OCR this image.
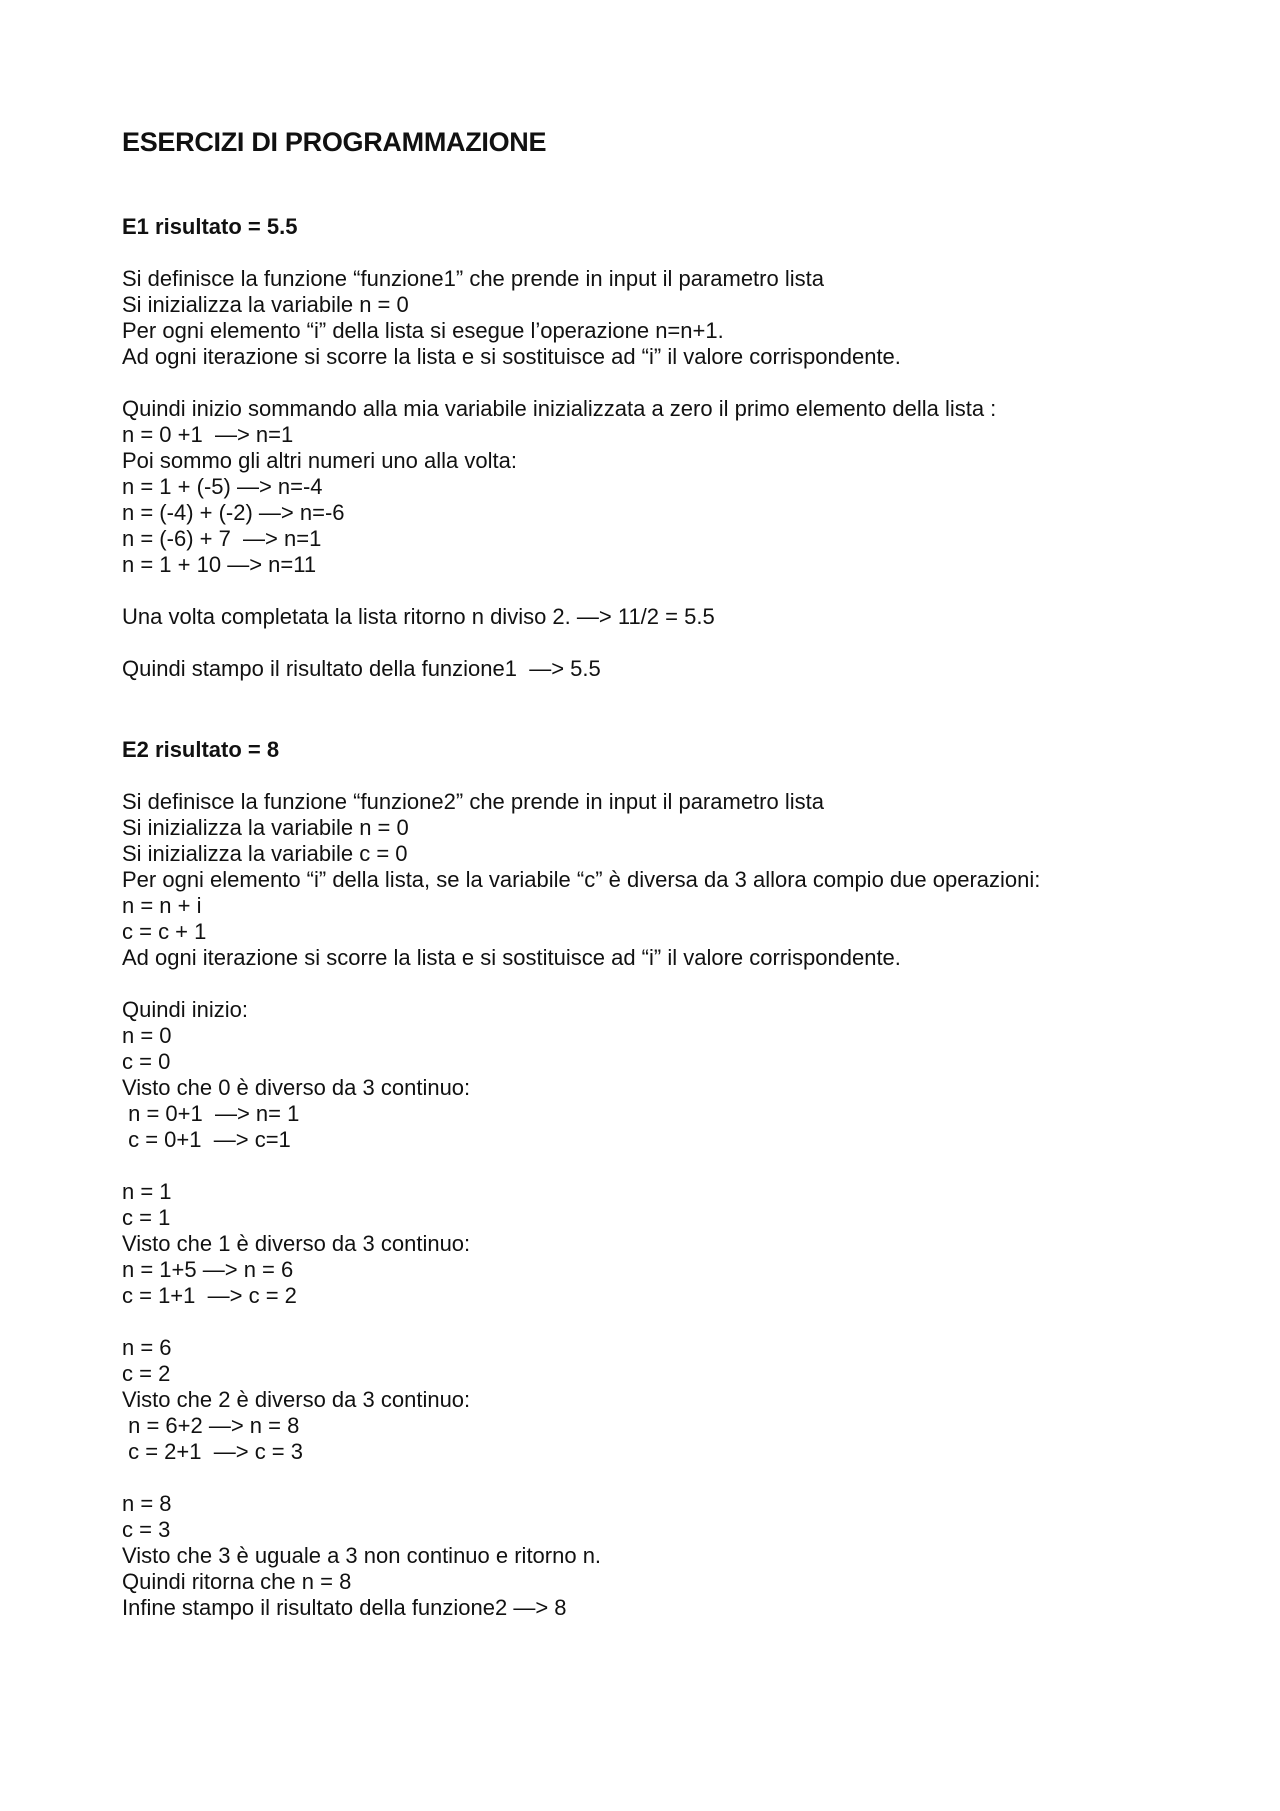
ESERCIZI DI PROGRAMMAZIONE
E1 risultato = 5.5
Si definisce la funzione “funzione1” che prende in input il parametro lista
Si inizializza la variabile n = 0
Per ogni elemento “i” della lista si esegue l’operazione n=n+1.
Ad ogni iterazione si scorre la lista e si sostituisce ad “i” il valore corrispondente.
Quindi inizio sommando alla mia variabile inizializzata a zero il primo elemento della lista :
n = 0 +1  —> n=1
Poi sommo gli altri numeri uno alla volta:
n = 1 + (-5) —> n=-4
n = (-4) + (-2) —> n=-6
n = (-6) + 7  —> n=1
n = 1 + 10 —> n=11
Una volta completata la lista ritorno n diviso 2. —> 11/2 = 5.5
Quindi stampo il risultato della funzione1  —> 5.5
E2 risultato = 8
Si definisce la funzione “funzione2” che prende in input il parametro lista
Si inizializza la variabile n = 0
Si inizializza la variabile c = 0
Per ogni elemento “i” della lista, se la variabile “c” è diversa da 3 allora compio due operazioni:
n = n + i
c = c + 1
Ad ogni iterazione si scorre la lista e si sostituisce ad “i” il valore corrispondente.
Quindi inizio:
n = 0
c = 0
Visto che 0 è diverso da 3 continuo:
n = 0+1  —> n= 1
c = 0+1  —> c=1
n = 1
c = 1
Visto che 1 è diverso da 3 continuo:
n = 1+5 —> n = 6
c = 1+1  —> c = 2
n = 6
c = 2
Visto che 2 è diverso da 3 continuo:
n = 6+2 —> n = 8
c = 2+1  —> c = 3
n = 8
c = 3
Visto che 3 è uguale a 3 non continuo e ritorno n.
Quindi ritorna che n = 8
Infine stampo il risultato della funzione2 —> 8
